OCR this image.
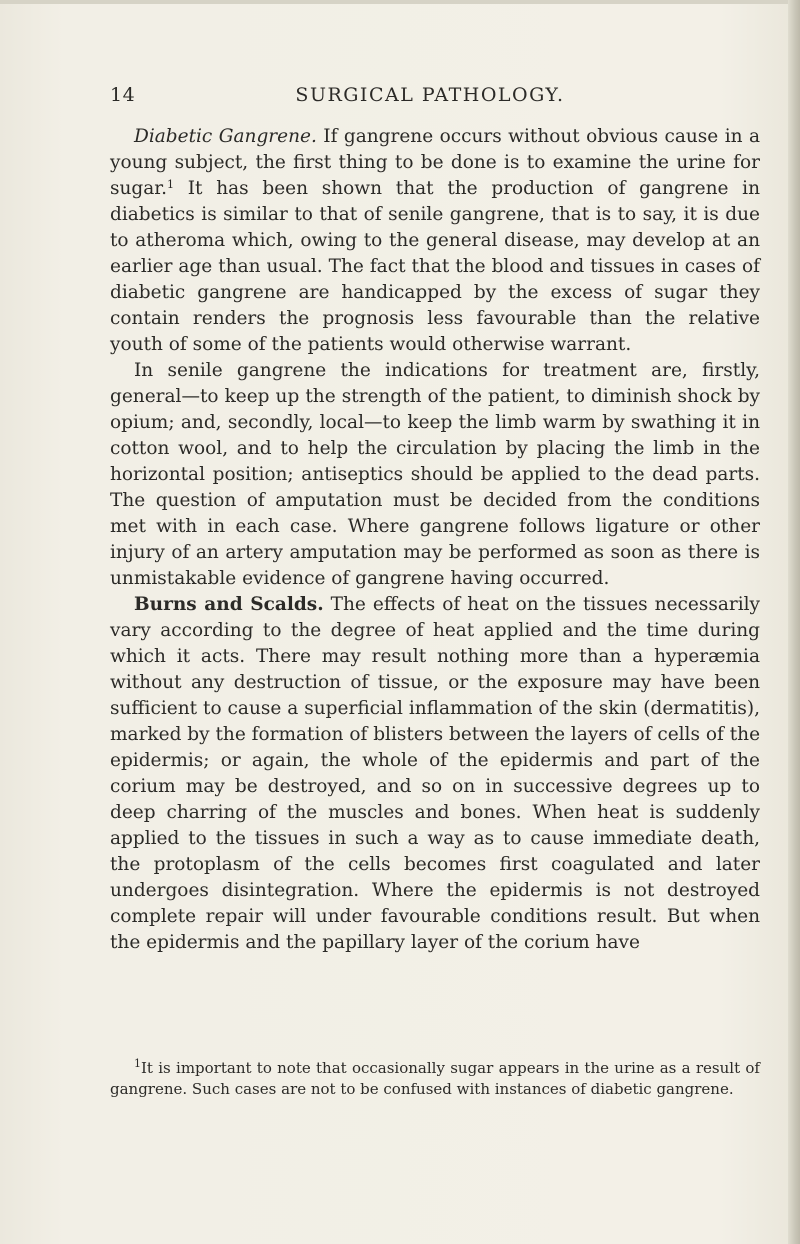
14	SURGICAL PATHOLOGY.

Diabetic Gangrene. If gangrene occurs without obvious cause in a young subject, the first thing to be done is to examine the urine for sugar.$^1$ It has been shown that the production of gangrene in diabetics is similar to that of senile gangrene, that is to say, it is due to atheroma which, owing to the general disease, may develop at an earlier age than usual. The fact that the blood and tissues in cases of diabetic gangrene are handicapped by the excess of sugar they contain renders the prognosis less favourable than the relative youth of some of the patients would otherwise warrant.

In senile gangrene the indications for treatment are, firstly, general—to keep up the strength of the patient, to diminish shock by opium; and, secondly, local—to keep the limb warm by swathing it in cotton wool, and to help the circulation by placing the limb in the horizontal position; antiseptics should be applied to the dead parts. The question of amputation must be decided from the conditions met with in each case. Where gangrene follows ligature or other injury of an artery amputation may be performed as soon as there is unmistakable evidence of gangrene having occurred.

Burns and Scalds. The effects of heat on the tissues necessarily vary according to the degree of heat applied and the time during which it acts. There may result nothing more than a hyperæmia without any destruction of tissue, or the exposure may have been sufficient to cause a superficial inflammation of the skin (dermatitis), marked by the formation of blisters between the layers of cells of the epidermis; or again, the whole of the epidermis and part of the corium may be destroyed, and so on in successive degrees up to deep charring of the muscles and bones. When heat is suddenly applied to the tissues in such a way as to cause immediate death, the protoplasm of the cells becomes first coagulated and later undergoes disintegration. Where the epidermis is not destroyed complete repair will under favourable conditions result. But when the epidermis and the papillary layer of the corium have

$^1$It is important to note that occasionally sugar appears in the urine as a result of gangrene. Such cases are not to be confused with instances of diabetic gangrene.
